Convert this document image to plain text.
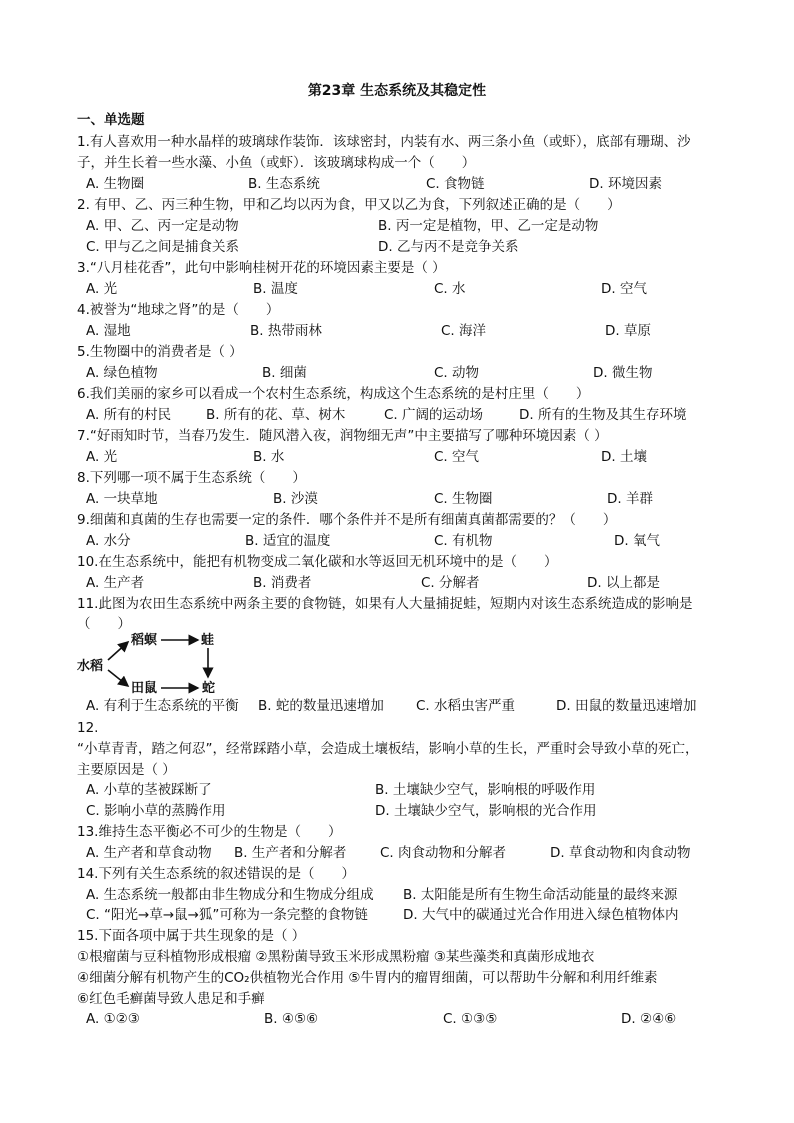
第23章 生态系统及其稳定性
一、单选题
1.有人喜欢用一种水晶样的玻璃球作装饰．该球密封，内装有水、两三条小鱼（或虾），底部有珊瑚、沙
子，并生长着一些水藻、小鱼（或虾）．该玻璃球构成一个（　　）
A. 生物圈	B. 生态系统	C. 食物链	D. 环境因素
2. 有甲、乙、丙三种生物，甲和乙均以丙为食，甲又以乙为食，下列叙述正确的是（　　）
A. 甲、乙、丙一定是动物	B. 丙一定是植物，甲、乙一定是动物
C. 甲与乙之间是捕食关系	D. 乙与丙不是竞争关系
3.“八月桂花香”，此句中影响桂树开花的环境因素主要是（ ）
A. 光	B. 温度	C. 水	D. 空气
4.被誉为“地球之肾”的是（　　）
A. 湿地	B. 热带雨林	C. 海洋	D. 草原
5.生物圈中的消费者是（ ）
A. 绿色植物	B. 细菌	C. 动物	D. 微生物
6.我们美丽的家乡可以看成一个农村生态系统，构成这个生态系统的是村庄里（　　）
A. 所有的村民	B. 所有的花、草、树木	C. 广阔的运动场	D. 所有的生物及其生存环境
7.“好雨知时节，当春乃发生．随风潜入夜，润物细无声”中主要描写了哪种环境因素（ ）
A. 光	B. 水	C. 空气	D. 土壤
8.下列哪一项不属于生态系统（　　）
A. 一块草地	B. 沙漠	C. 生物圈	D. 羊群
9.细菌和真菌的生存也需要一定的条件．哪个条件并不是所有细菌真菌都需要的？（　　）
A. 水分	B. 适宜的温度	C. 有机物	D. 氧气
10.在生态系统中，能把有机物变成二氧化碳和水等返回无机环境中的是（　　）
A. 生产者	B. 消费者	C. 分解者	D. 以上都是
11.此图为农田生态系统中两条主要的食物链，如果有人大量捕捉蛙，短期内对该生态系统造成的影响是
（　　）
水稻
稻螟	蛙
田鼠	蛇
A. 有利于生态系统的平衡 B. 蛇的数量迅速增加 C. 水稻虫害严重	D. 田鼠的数量迅速增加
12.
“小草青青，踏之何忍”，经常踩踏小草，会造成土壤板结，影响小草的生长，严重时会导致小草的死亡，
主要原因是（ ）
A. 小草的茎被踩断了	B. 土壤缺少空气，影响根的呼吸作用
C. 影响小草的蒸腾作用	D. 土壤缺少空气，影响根的光合作用
13.维持生态平衡必不可少的生物是（　　）
A. 生产者和草食动物 B. 生产者和分解者 C. 肉食动物和分解者	D. 草食动物和肉食动物
14.下列有关生态系统的叙述错误的是（　　）
A. 生态系统一般都由非生物成分和生物成分组成 B. 太阳能是所有生物生命活动能量的最终来源
C. “阳光→草→鼠→狐”可称为一条完整的食物链	D. 大气中的碳通过光合作用进入绿色植物体内
15.下面各项中属于共生现象的是（ ）
①根瘤菌与豆科植物形成根瘤 ②黑粉菌导致玉米形成黑粉瘤 ③某些藻类和真菌形成地衣
④细菌分解有机物产生的CO₂供植物光合作用 ⑤牛胃内的瘤胃细菌，可以帮助牛分解和利用纤维素
⑥红色毛癣菌导致人患足和手癣
A. ①②③	B. ④⑤⑥	C. ①③⑤	D. ②④⑥
